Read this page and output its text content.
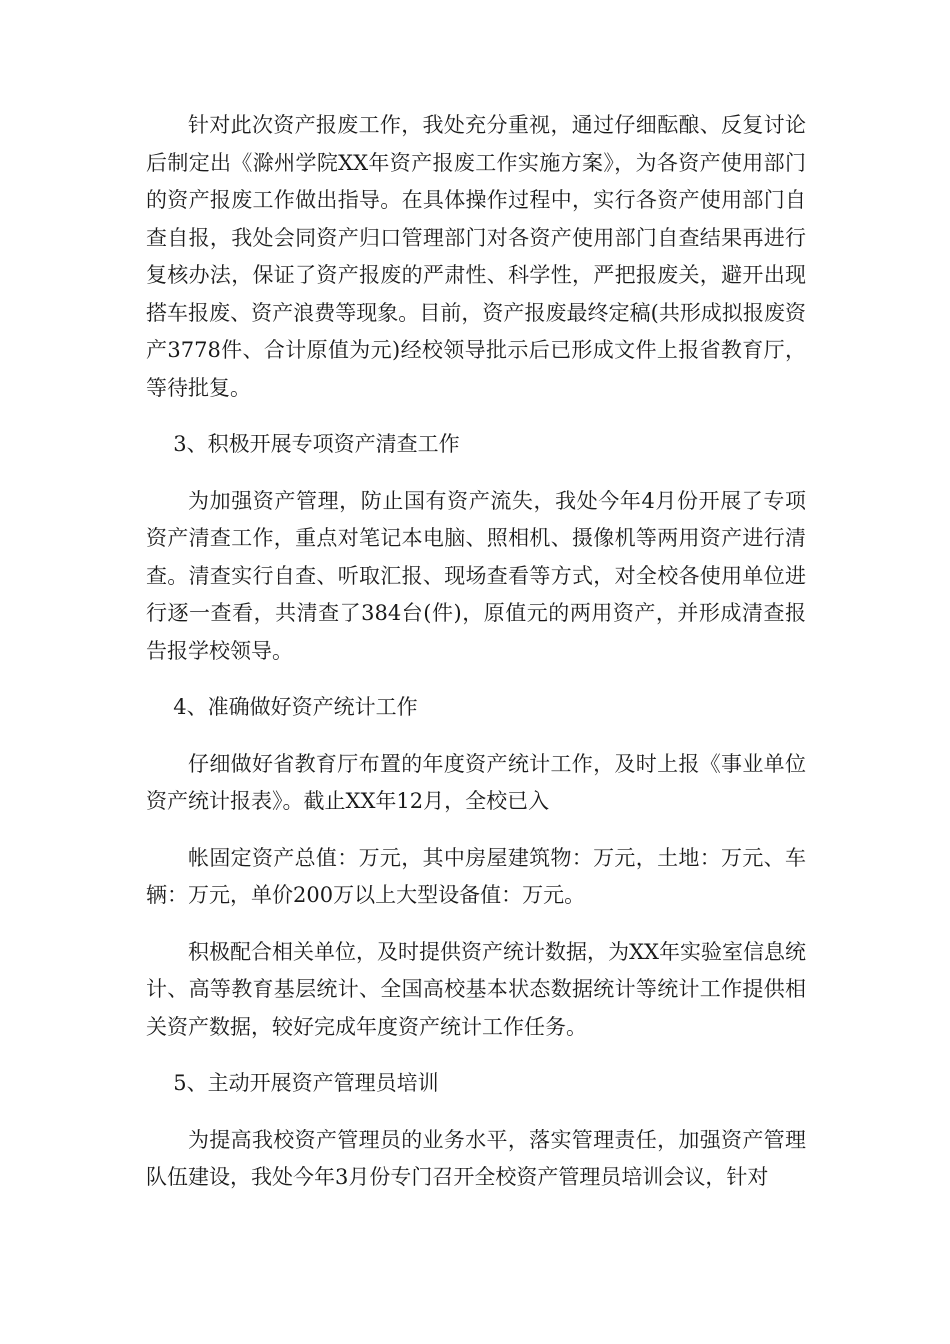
针对此次资产报废工作，我处充分重视，通过仔细酝酿、反复讨论后制定出《滁州学院XX年资产报废工作实施方案》，为各资产使用部门的资产报废工作做出指导。在具体操作过程中，实行各资产使用部门自查自报，我处会同资产归口管理部门对各资产使用部门自查结果再进行复核办法，保证了资产报废的严肃性、科学性，严把报废关，避开出现搭车报废、资产浪费等现象。目前，资产报废最终定稿(共形成拟报废资产3778件、合计原值为元)经校领导批示后已形成文件上报省教育厅，等待批复。

3、积极开展专项资产清查工作

为加强资产管理，防止国有资产流失，我处今年4月份开展了专项资产清查工作，重点对笔记本电脑、照相机、摄像机等两用资产进行清查。清查实行自查、听取汇报、现场查看等方式，对全校各使用单位进行逐一查看，共清查了384台(件)，原值元的两用资产，并形成清查报告报学校领导。

4、准确做好资产统计工作

仔细做好省教育厅布置的年度资产统计工作，及时上报《事业单位资产统计报表》。截止XX年12月，全校已入

帐固定资产总值：万元，其中房屋建筑物：万元，土地：万元、车辆：万元，单价200万以上大型设备值：万元。

积极配合相关单位，及时提供资产统计数据，为XX年实验室信息统计、高等教育基层统计、全国高校基本状态数据统计等统计工作提供相关资产数据，较好完成年度资产统计工作任务。

5、主动开展资产管理员培训

为提高我校资产管理员的业务水平，落实管理责任，加强资产管理队伍建设，我处今年3月份专门召开全校资产管理员培训会议，针对
